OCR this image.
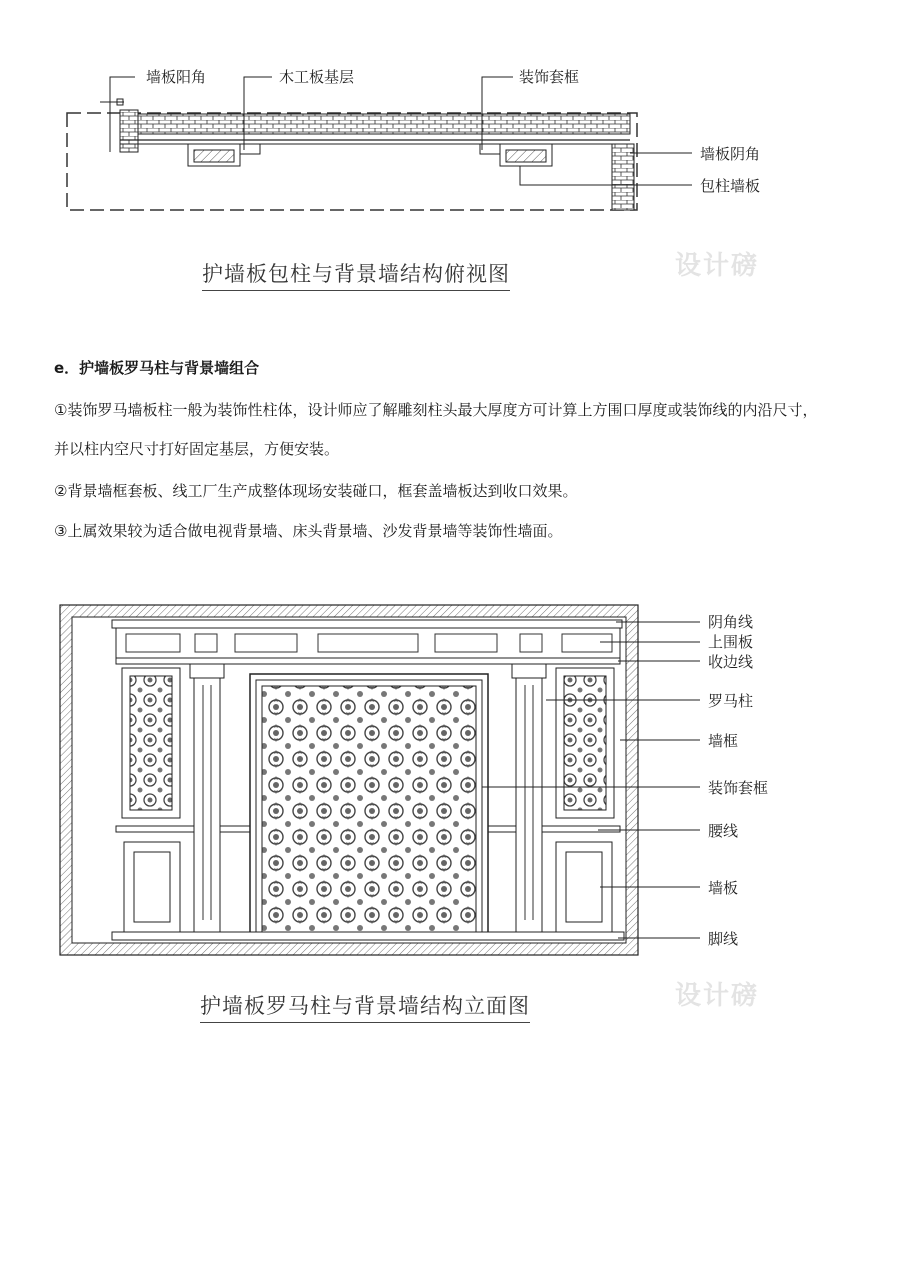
墙板阳角	木工板基层	装饰套框
墙板阴角
包柱墙板
护墙板包柱与背景墙结构俯视图	设计磅
e．护墙板罗马柱与背景墙组合
①装饰罗马墙板柱一般为装饰性柱体，设计师应了解雕刻柱头最大厚度方可计算上方围口厚度或装饰线的内沿尺寸，
并以柱内空尺寸打好固定基层，方便安装。
②背景墙框套板、线工厂生产成整体现场安装碰口，框套盖墙板达到收口效果。
③上属效果较为适合做电视背景墙、床头背景墙、沙发背景墙等装饰性墙面。
阴角线
上围板
收边线
罗马柱
墙框
装饰套框
腰线
墙板
脚线
护墙板罗马柱与背景墙结构立面图	设计磅
